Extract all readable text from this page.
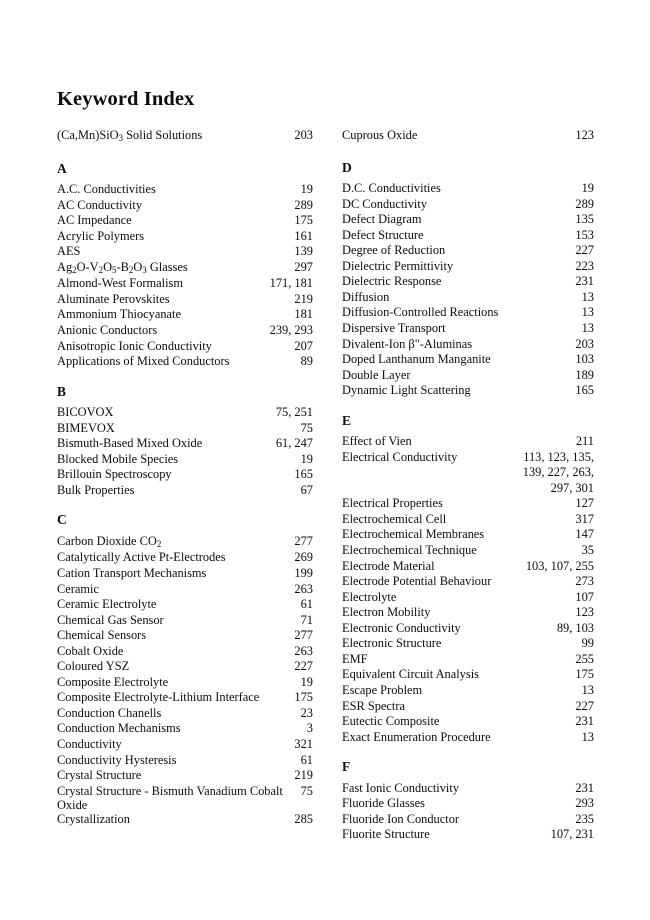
Keyword Index
(Ca,Mn)SiO$_3$ Solid Solutions	203
A
A.C. Conductivities	19
AC Conductivity	289
AC Impedance	175
Acrylic Polymers	161
AES	139
$Ag_2O-V_2O_5-B_2O_3$ Glasses	297
Almond-West Formalism	171, 181
Aluminate Perovskites	219
Ammonium Thiocyanate	181
Anionic Conductors	239, 293
Anisotropic Ionic Conductivity	207
Applications of Mixed Conductors	89
B
BICOVOX	75, 251
BIMEVOX	75
Bismuth-Based Mixed Oxide	61, 247
Blocked Mobile Species	19
Brillouin Spectroscopy	165
Bulk Properties	67
C
Carbon Dioxide $CO_2$	277
Catalytically Active Pt-Electrodes	269
Cation Transport Mechanisms	199
Ceramic	263
Ceramic Electrolyte	61
Chemical Gas Sensor	71
Chemical Sensors	277
Cobalt Oxide	263
Coloured YSZ	227
Composite Electrolyte	19
Composite Electrolyte-Lithium Interface	175
Conduction Chanells	23
Conduction Mechanisms	3
Conductivity	321
Conductivity Hysteresis	61
Crystal Structure	219
Crystal Structure - Bismuth Vanadium Cobalt Oxide
75
Crystallization	285
Cuprous Oxide	123
D
D.C. Conductivities	19
DC Conductivity	289
Defect Diagram	135
Defect Structure	153
Degree of Reduction	227
Dielectric Permittivity	223
Dielectric Response	231
Diffusion	13
Diffusion-Controlled Reactions	13
Dispersive Transport	13
Divalent-Ion β"-Aluminas	203
Doped Lanthanum Manganite	103
Double Layer	189
Dynamic Light Scattering	165
E
Effect of Vien	211
Electrical Conductivity	113, 123, 135, 139, 227, 263, 297, 301
Electrical Properties	127
Electrochemical Cell	317
Electrochemical Membranes	147
Electrochemical Technique	35
Electrode Material	103, 107, 255
Electrode Potential Behaviour	273
Electrolyte	107
Electron Mobility	123
Electronic Conductivity	89, 103
Electronic Structure	99
EMF	255
Equivalent Circuit Analysis	175
Escape Problem	13
ESR Spectra	227
Eutectic Composite	231
Exact Enumeration Procedure	13
F
Fast Ionic Conductivity	231
Fluoride Glasses	293
Fluoride Ion Conductor	235
Fluorite Structure	107, 231
